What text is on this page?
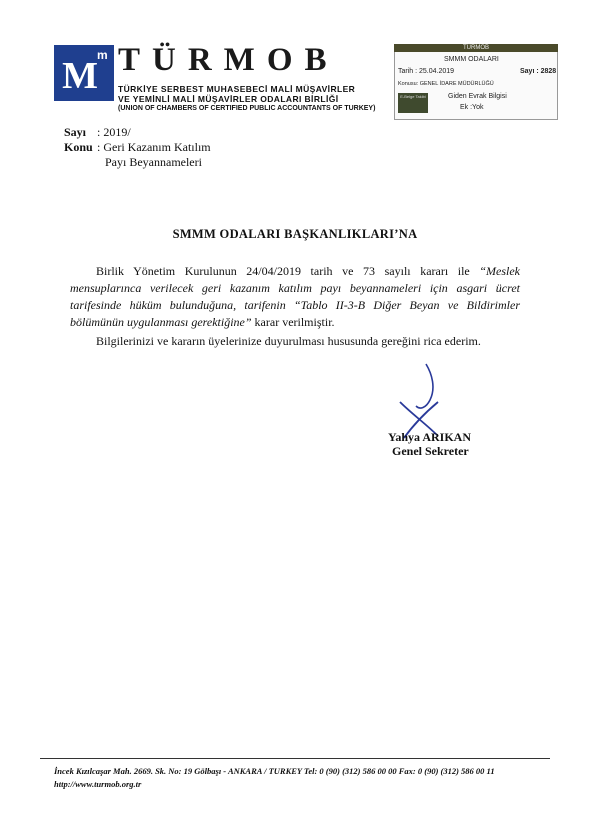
M m TÜRMOB
TÜRKİYE SERBEST MUHASEBECİ MALİ MÜŞAVİRLER
VE YEMİNLİ MALİ MÜŞAVİRLER ODALARI BİRLİĞİ
(UNION OF CHAMBERS OF CERTIFIED PUBLIC ACCOUNTANTS OF TURKEY)
TÜRMOB
SMMM ODALARI
Tarih : 25.04.2019	Sayı : 2828
Konusu: GENEL İDARE MÜDÜRLÜĞÜ
E-Belge Takibi	Giden Evrak Bilgisi
Ek :Yok
Sayı : 2019/
Konu : Geri Kazanım Katılım
Payı Beyannameleri
SMMM ODALARI BAŞKANLIKLARI’NA
Birlik Yönetim Kurulunun 24/04/2019 tarih ve 73 sayılı kararı ile “Meslek mensuplarınca verilecek geri kazanım katılım payı beyannameleri için asgari ücret tarifesinde hüküm bulunduğuna, tarifenin “Tablo II-3-B Diğer Beyan ve Bildirimler bölümünün uygulanması gerektiğine” karar verilmiştir.
Bilgilerinizi ve kararın üyelerinize duyurulması hususunda gereğini rica ederim.
Yahya ARIKAN
Genel Sekreter
İncek Kızılcaşar Mah. 2669. Sk. No: 19 Gölbaşı - ANKARA / TURKEY Tel: 0 (90) (312) 586 00 00 Fax: 0 (90) (312) 586 00 11
http://www.turmob.org.tr
